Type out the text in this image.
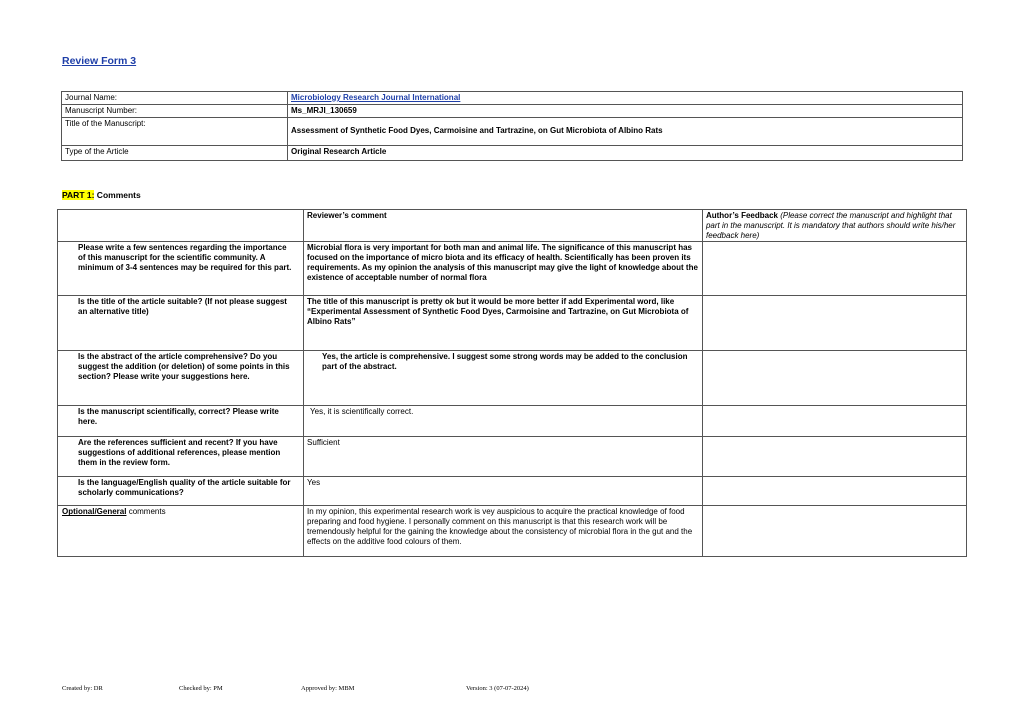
Review Form 3
Journal Name:	Microbiology Research Journal International
Manuscript Number:	Ms_MRJI_130659
Title of the Manuscript:	Assessment of Synthetic Food Dyes, Carmoisine and Tartrazine, on Gut Microbiota of Albino Rats
Type of the Article	Original Research Article
PART 1: Comments
	Reviewer’s comment	Author’s Feedback (Please correct the manuscript and highlight that part in the manuscript. It is mandatory that authors should write his/her feedback here)
Please write a few sentences regarding the importance of this manuscript for the scientific community. A minimum of 3-4 sentences may be required for this part.	Microbial flora is very important for both man and animal life. The significance of this manuscript has focused on the importance of micro biota and its efficacy of health. Scientifically has been proven its requirements. As my opinion the analysis of this manuscript may give the light of knowledge about the existence of acceptable number of normal flora	
Is the title of the article suitable? (If not please suggest an alternative title)	The title of this manuscript is pretty ok but it would be more better if add Experimental word, like “Experimental Assessment of Synthetic Food Dyes, Carmoisine and Tartrazine, on Gut Microbiota of Albino Rats”	
Is the abstract of the article comprehensive? Do you suggest the addition (or deletion) of some points in this section? Please write your suggestions here.	Yes, the article is comprehensive. I suggest some strong words may be added to the conclusion part of the abstract.	
Is the manuscript scientifically, correct? Please write here.	Yes, it is scientifically correct.	
Are the references sufficient and recent? If you have suggestions of additional references, please mention them in the review form.	Sufficient	
Is the language/English quality of the article suitable for scholarly communications?	Yes	
Optional/General comments	In my opinion, this experimental research work is vey auspicious to acquire the practical knowledge of food preparing and food hygiene. I personally comment on this manuscript is that this research work will be tremendously helpful for the gaining the knowledge about the consistency of microbial flora in the gut and the effects on the additive food colours of them.	
Created by: DR	Checked by: PM	Approved by: MBM	Version: 3 (07-07-2024)
